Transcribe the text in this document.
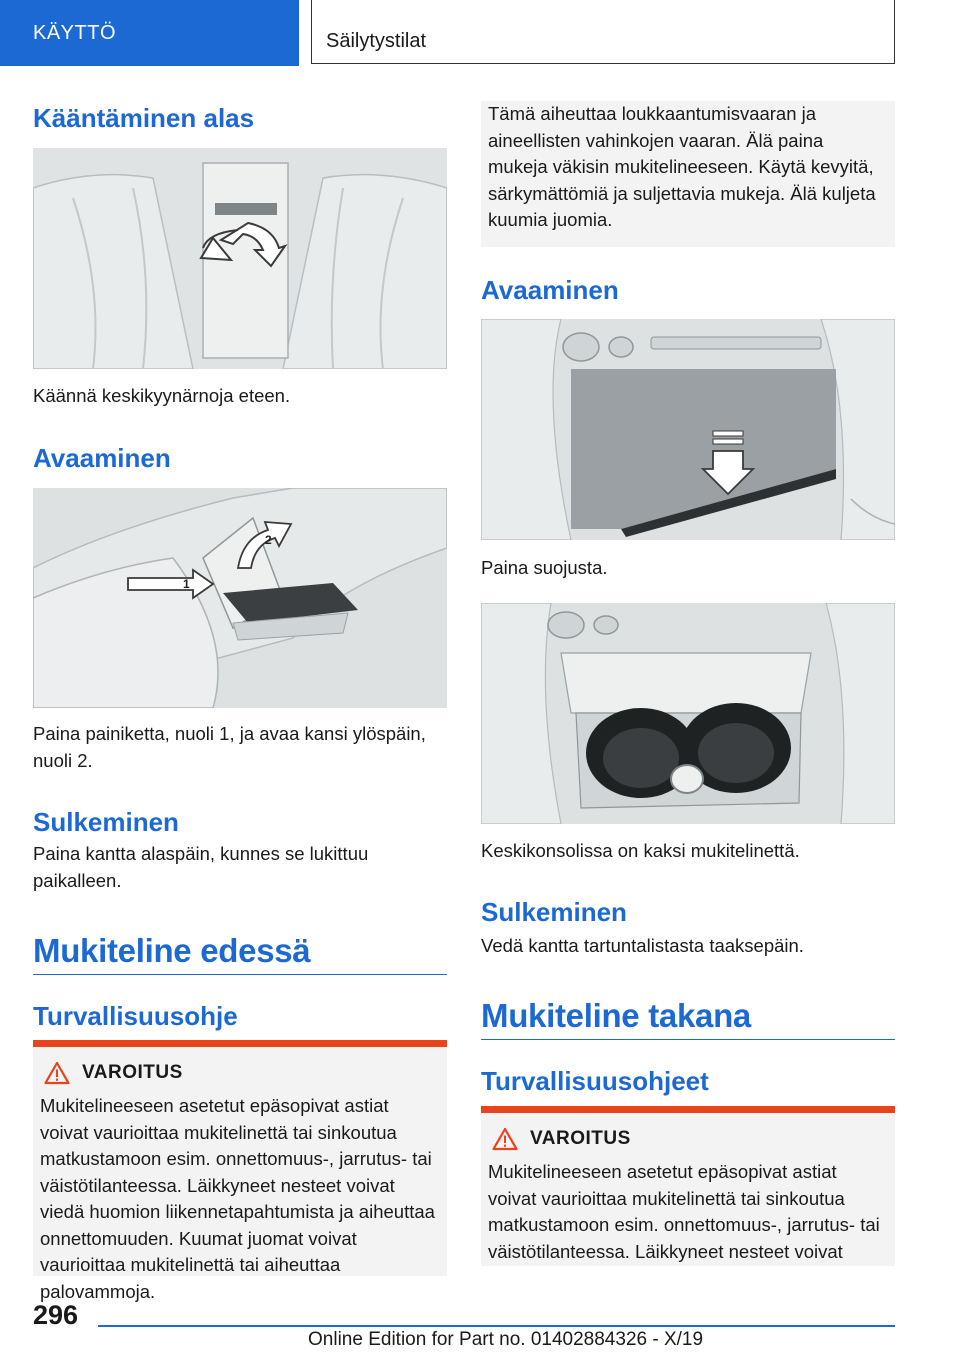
KÄYTTÖ	Säilytystilat
Kääntäminen alas

Käännä keskikyynärnoja eteen.

Avaaminen
1
2

Paina painiketta, nuoli 1, ja avaa kansi ylöspäin, nuoli 2.

Sulkeminen

Paina kantta alaspäin, kunnes se lukittuu paikalleen.

Mukiteline edessä
Turvallisuusohje
VAROITUS
Mukitelineeseen asetetut epäsopivat astiat voivat vaurioittaa mukitelinettä tai sinkoutua matkustamoon esim. onnettomuus-, jarrutus- tai väistötilanteessa. Läikkyneet nesteet voivat viedä huomion liikennetapahtumista ja aiheuttaa onnettomuuden. Kuumat juomat voivat vaurioittaa mukitelinettä tai aiheuttaa palovammoja.
Tämä aiheuttaa loukkaantumisvaaran ja aineellisten vahinkojen vaaran. Älä paina mukeja väkisin mukitelineeseen. Käytä kevyitä, särkymättömiä ja suljettavia mukeja. Älä kuljeta kuumia juomia.
Avaaminen

Paina suojusta.

Keskikonsolissa on kaksi mukitelinettä.

Sulkeminen

Vedä kantta tartuntalistasta taaksepäin.

Mukiteline takana
Turvallisuusohjeet
VAROITUS
Mukitelineeseen asetetut epäsopivat astiat voivat vaurioittaa mukitelinettä tai sinkoutua matkustamoon esim. onnettomuus-, jarrutus- tai väistötilanteessa. Läikkyneet nesteet voivat
296
Online Edition for Part no. 01402884326 - X/19
